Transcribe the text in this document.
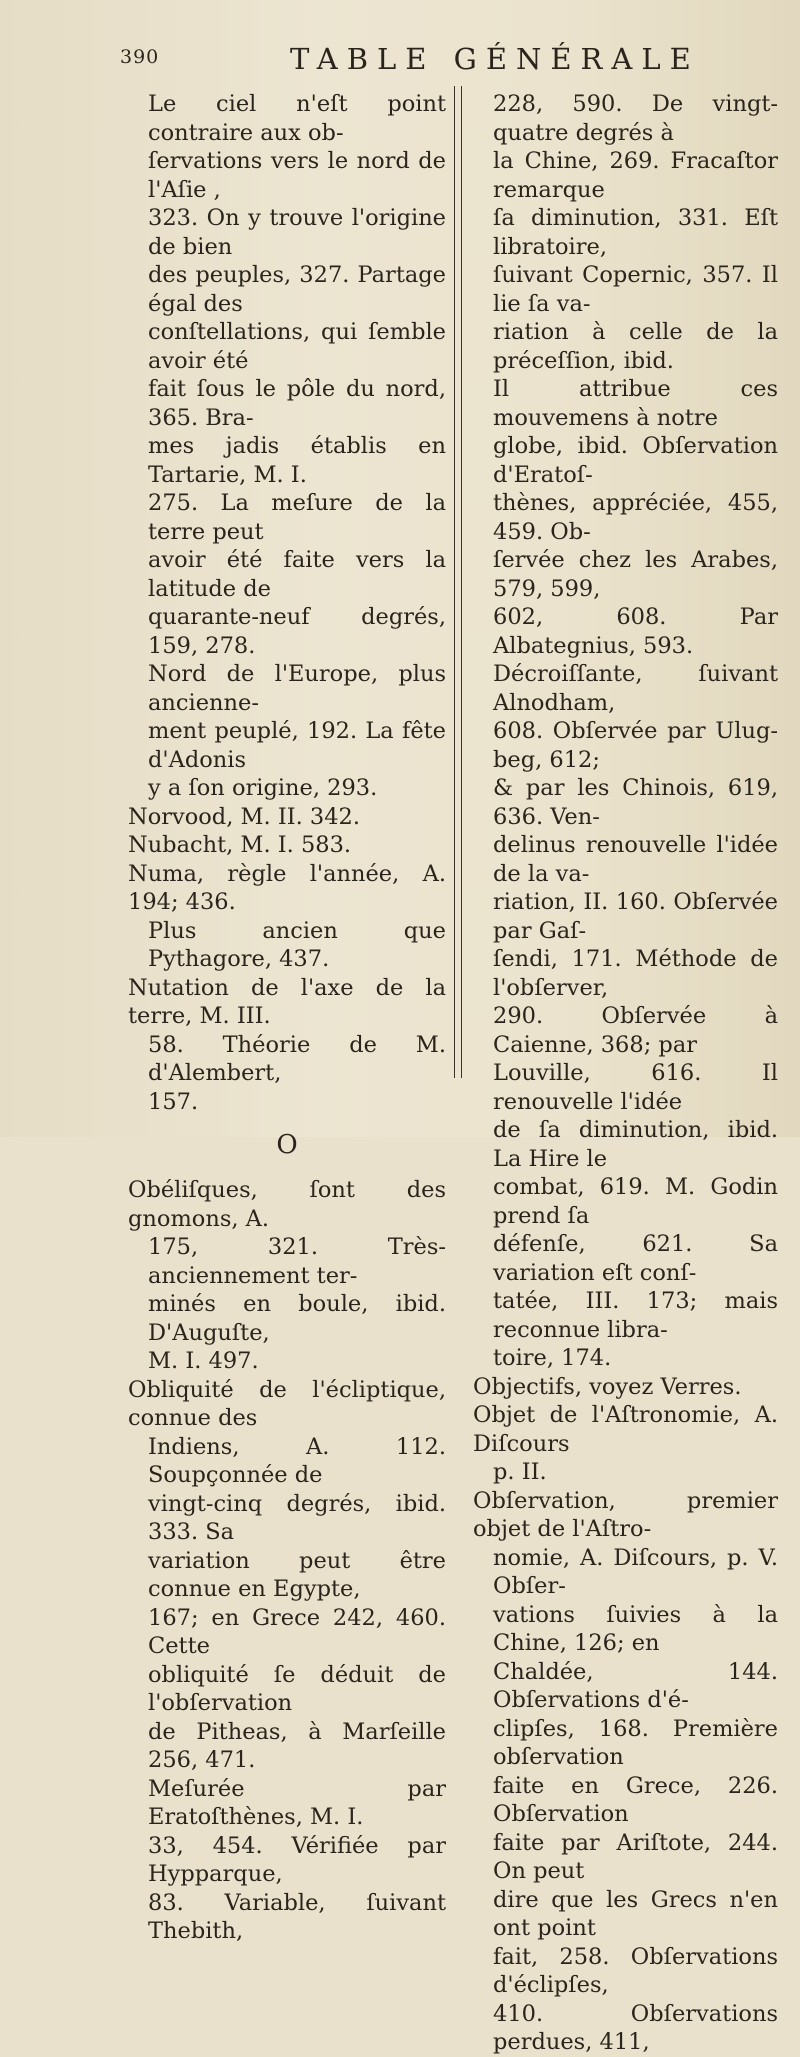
390	TABLE GÉNÉRALE

Le ciel n'eſt point contraire aux ob-

ſervations vers le nord de l'Aſie ,

323. On y trouve l'origine de bien

des peuples, 327. Partage égal des

conſtellations, qui ſemble avoir été

fait ſous le pôle du nord, 365. Bra-

mes jadis établis en Tartarie, M. I.

275. La meſure de la terre peut

avoir été faite vers la latitude de

quarante-neuf degrés, 159, 278.

Nord de l'Europe, plus ancienne-

ment peuplé, 192. La fête d'Adonis

y a ſon origine, 293.

Norvood, M. II. 342.

Nubacht, M. I. 583.

Numa, règle l'année, A. 194; 436.

Plus ancien que Pythagore, 437.

Nutation de l'axe de la terre, M. III.

58. Théorie de M. d'Alembert,

157.

O

Obéliſques, ſont des gnomons, A.

175, 321. Très-anciennement ter-

minés en boule, ibid. D'Auguſte,

M. I. 497.

Obliquité de l'écliptique, connue des

Indiens, A. 112. Soupçonnée de

vingt-cinq degrés, ibid. 333. Sa

variation peut être connue en Egypte,

167; en Grece 242, 460. Cette

obliquité ſe déduit de l'obſervation

de Pitheas, à Marſeille 256, 471.

Meſurée par Eratoſthènes, M. I.

33, 454. Vérifiée par Hypparque,

83. Variable, ſuivant Thebith,

228, 590. De vingt-quatre degrés à

la Chine, 269. Fracaſtor remarque

ſa diminution, 331. Eſt libratoire,

ſuivant Copernic, 357. Il lie ſa va-

riation à celle de la préceſſion, ibid.

Il attribue ces mouvemens à notre

globe, ibid. Obſervation d'Eratoſ-

thènes, appréciée, 455, 459. Ob-

ſervée chez les Arabes, 579, 599,

602, 608. Par Albategnius, 593.

Décroiſſante, ſuivant Alnodham,

608. Obſervée par Ulug-beg, 612;

& par les Chinois, 619, 636. Ven-

delinus renouvelle l'idée de la va-

riation, II. 160. Obſervée par Gaſ-

ſendi, 171. Méthode de l'obſerver,

290. Obſervée à Caienne, 368; par

Louville, 616. Il renouvelle l'idée

de ſa diminution, ibid. La Hire le

combat, 619. M. Godin prend ſa

défenſe, 621. Sa variation eſt conſ-

tatée, III. 173; mais reconnue libra-

toire, 174.

Objectifs, voyez Verres.

Objet de l'Aſtronomie, A. Diſcours

p. II.

Obſervation, premier objet de l'Aſtro-

nomie, A. Diſcours, p. V. Obſer-

vations ſuivies à la Chine, 126; en

Chaldée, 144. Obſervations d'é-

clipſes, 168. Première obſervation

faite en Grece, 226. Obſervation

faite par Ariſtote, 244. On peut

dire que les Grecs n'en ont point

fait, 258. Obſervations d'éclipſes,

410. Obſervations perdues, 411,
